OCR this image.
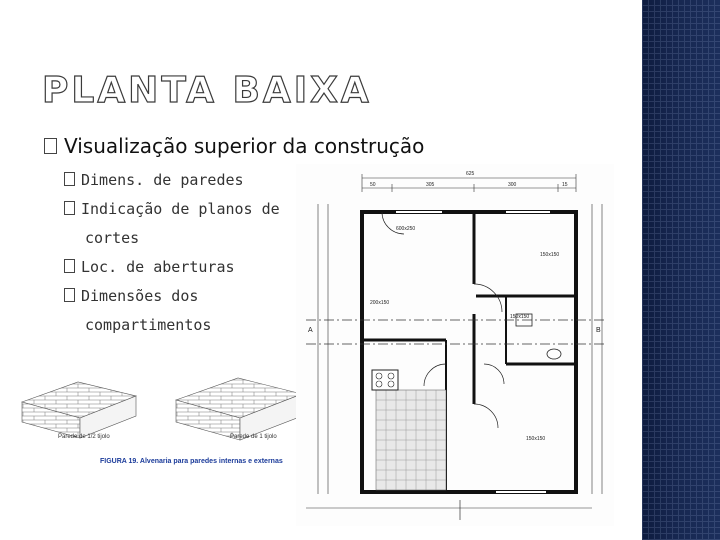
PLANTA BAIXA
Visualização superior da construção
Dimens. de paredes
Indicação de planos de
cortes
Loc. de aberturas
Dimensões dos
compartimentos
Parede de 1/2 tijolo	Parede de 1 tijolo
FIGURA 19. Alvenaria para paredes internas e externas
625
50	305	300	15
A	B
600x250
150x150
200x150
150x150
150x150
